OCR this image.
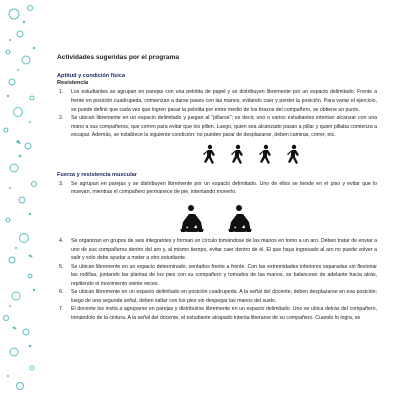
Actividades sugeridas por el programa

Aptitud y condición física

Resistencia

1. Los estudiantes se agrupan en parejas con una pelotita de papel y se distribuyen libremente por un espacio delimitado. Frente a frente en posición cuadrupeda, comienzan a darse pases con las manos, evitando caer y perder la posición. Para variar el ejercicio, se puede definir que cada vez que logren pasar la pelotita por entre medio de los brazos del compañero, se obtiene un punto.
2. Se ubican libremente en un espacio delimitado y juegan al "pillarse"; es decir, uno o varios estudiantes intentan alcanzar con una mano a sus compañeros, que corren para evitar que los pillen. Luego, quien sea alcanzado pasan a pillar y quien pillaba comienza a escapar. Además, se establece la siguiente condición: no pueden parar de desplazarse, deben caminar, correr, etc.

Fuerza y resistencia muscular

3. Se agrupan en parejas y se distribuyen libremente por un espacio delimitado. Uno de ellos se tiende en el piso y evitar que lo muevan, mientras el compañero permanece de pie, intentando moverlo.
4. Se organizan en grupos de seis integrantes y forman un círculo tomándose de las manos en torno a un aro. Deben tratar de enviar a uno de sus compañeros dentro del aro y, al mismo tiempo, evitar caer dentro de él. El que haya ingresado al aro no puede volver a salir y solo debe ayudar a meter a otro estudiante.
5. Se ubican libremente en un espacio determinado, sentados frente a frente. Con las extremidades inferiores separadas sin flexionar las rodillas, juntando las plantas de los pies con su compañero y tomados de las manos, se balancean de adelante hacia atrás, repitiendo el movimiento veinte veces.
6. Se ubican libremente en un espacio delimitado en posición cuadrupeda. A la señal del docente, deben desplazarse en esa posición; luego de una segunda señal, deben saltar con los pies sin despegar las manos del suelo.
7. El docente los invita a agruparse en parejas y distribuirse libremente en un espacio delimitado. Uno se ubica detrás del compañero, tomándolo de la cintura. A la señal del docente, el estudiante atrapado intenta liberarse de su compañero. Cuando lo logra, se
